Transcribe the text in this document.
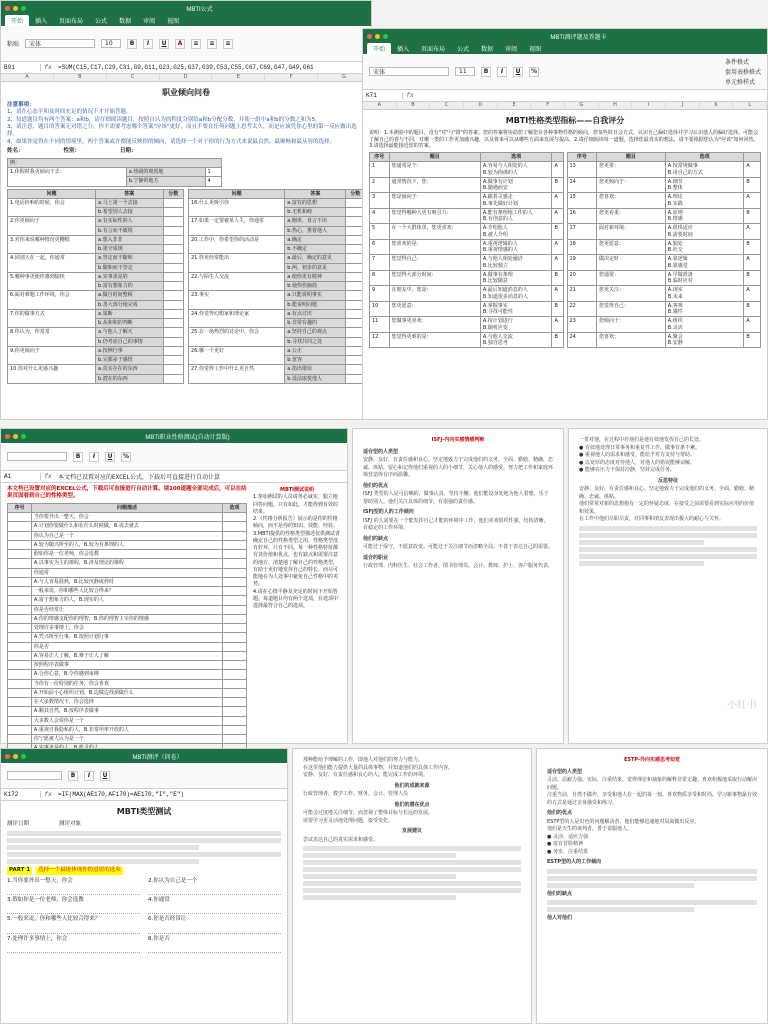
MBTI公式
开始	插入	页面布局	公式	数据	审阅	视图
粘贴	宋体	10	B	I	U	A	≡	≡	≡
B91	fx	=SUM(C15,C17,C29,C31,G9,G11,G23,G25,G37,G39,C53,C55,C67,C69,G47,G49,G61
A	B	C	D	E	F	G
职业倾向问卷
注意事项：
1、请在心态平和及时间充足的情况下才开始答题。
2、每道题目均有两个答案：a和b，请仔细阅读题目，按照自认为的程度分别给a和b分配分数，并使一组中a和b的分数之和为5。
3、请注意，题目的答案无对错之分，你不需要考虑哪个答案"应该"更好，而且不要在任何问题上思考太久，而是应该凭你心里的第一反应做出选择。
4、如果你觉得在不同的情境里，两个答案或许都能反映你的倾向，请选择一个对于你的行为方式来说最自然、最顺畅和最从容的选择。
姓名：	性别：	日期：
例：		
1.休假时我更倾向于去：	a.热闹的观赏地	1
	b.宁静的地方	4
问题	答案	分数
1.电话铃响的时候，你会	a.马上第一个去接	
	b.希望别人去接	
2.你更倾向于	a.有实际性的人	
	b.有言而不敏锐	
3.对你来说哪种情况更糟糕	a.想入非非	
	b.墨守成规	
4.同别人在一起，你通常	a.坚定而不随和	
	b.随和而不坚定	
5.哪种事更使你感到愉快	a.实事求是的	
	b.富有想象力的	
6.面对难题工作环境，你会	a.做自时间整顿	
	b.善大部分地完成	
7.你的做事方式	a.果断	
	b.从和和的判断	
8.你认为，你常常	a.与他人了解天	
	b.仍考虑自己的事情	
9.你更倾向于	a.按例行事	
	b.完都多于感悟	
10.你对什么更感兴趣	a.真实存在的东西	
	b.潜在的东西	
问题	答案	分数
16.什么更吸引你	a.富有的思想	
	b.无机和睦	
17.如果一定要被某人失，你通常	a.刚率，直言不讳	
	b.热心，推着他人	
20.工作中，你希望你的活动是	a.确定	
	b.不确定	
21.你更经常能出	a.最后，确定的意见	
	b.两，初步的意见	
22.与陌生人交流	a.使你更有精神	
	b.使你伤脑筋	
23.事实	a.只能说明事实	
	b.能说明问题	
24.你觉得幻想家和理论家	a.有点讨厌	
	b.非常有趣的	
25.在一场热烈的讨论中，你会	a.坚持自己的观点	
	b.寻找共同之处	
26.哪一个更好	a.公正	
	b.宽容	
27.你觉得工作中什么更自然	a.指出错误	
	b.设法取悦他人	
MBTI测评题及答题卡
开始	插入	页面布局	公式	数据	审阅	视图
宋体	11	B	I	U	%
条件格式
套用表格格式
单元格样式
K71	fx
A	B	C	D	E	F	G	H	I	J	K	L
MBTI性格类型指标——自我评分
说明：1.本测验中的题目，没有"对"与"错"的答案。您的答案将协助您了解您在各种事物性格的倾向，您某些时日会方式，认识自己偏好选择并学习认识他人的偏好选择。可能会了解自己的喜与不同，对哪一类的工作更加感兴趣，以及将来可以从哪些方面来发展与提高。2.请仔细阅读每一道题，选择您最真实的想法，请不要根据您认为"应该"如何回答。3.请选择最能接近您的答案。
序号	题目	选项	
1	您通常是个：	A.容易与人相处的人
B.较为拘谨的人	A
2	通常情况下，您：	A.做事有计划
B.随遇而安	B
3	您是倾向于：	A.跟着灵感走
B.事先做好计划	A
4	您觉得哪种人更有吸引力：	A.能有条理地工作的人
B.有创意的人	A
5	在一个大群体里，您更喜欢：	A.介绍他人
B.被人介绍	B
6	您喜欢的是：	A.重视逻辑的人
B.重视情感的人	A
7	您觉得自己：	A.与他人相处融洽
B.比较独立	A
8	您觉得大部分时间：	A.做事有条理
B.比较随意	B
9	在朋友中，您是：	A.最后知道消息的人
B.知道很多消息的人	A
10	您更愿意：	A.掌握事实
B.寻找可能性	B
11	您做事更喜欢：	A.按计划进行
B.随机应变	A
12	您觉得更难的是：	A.与他人交流
B.独自思考	B
序号	题目	选项	
13	您更常：	A.按常规做事
B.用自己的方式	A
14	您更倾向于：	A.细节
B.整体	B
15	您喜欢：	A.理论
B.实践	A
16	您更看重：	A.原则
B.情感	B
17	面对新环境：	A.很快适应
B.需要时间	A
18	您更愿意：	A.独处
B.社交	B
19	做决定时：	A.靠逻辑
B.靠感觉	A
20	您通常：	A.早做准备
B.临时应对	B
21	您更关注：	A.现实
B.未来	A
22	您觉得自己：	A.客观
B.感性	B
23	您倾向于：	A.组织
B.灵活	A
24	您喜欢：	A.聚会
B.安静	B
MBTI职业性格测试(自动计算版)
B	I	U	%
A1	fx	本文档已设置对应的EXCEL公式，下载后可直接进行自动计算
本文档已设置对应的EXCEL公式，下载后可直接进行自动计算。请100道题全部完成后，可以在结果页面看到自己的性格类型。
序号	问题描述	选项
	当你要外出一整天，你会	
	A.计划你要做什么和在什么时候做，B.说去就去	
	你认为自己是一个	
	A.较为随兴所至的人，B.较为有条理的人	
	假如你是一位老师，你会选教	
	A.以事实为主的课程，B.涉及理论的课程	
	你通常	
	A.与人容易混熟，B.比较沉静或矜持	
	一般来说，你和哪些人比较合得来？	
	A.富于想象力的人，B.现实的人	
	你是否经常让	
	A.你的情感支配你的理智，B.你的理智主宰你的情感	
	处理许多事情上，你会	
	A.凭兴所至行事，B.按照计划行事	
	你是否	
	A.容易让人了解，B.难于让人了解	
	按照程序表做事	
	A.合你心意，B.令你感到束缚	
	当你有一份特别的任务，你会喜欢	
	A.开始前小心组织计划，B.边做边找须做什么	
	在大多数情况下，你会选择	
	A.顺其自然，B.按程序表做事	
	大多数人会说你是一个	
	A.重视自我隐私的人，B.非常坦率开放的人	
	你宁愿被人认为是一个	

MBTI测试说明
1.参加测试的人员请务必诚实、独立地回答问题，只有如此，才能得到有效的结果。
2.《性格分析报告》展示的是你的性格倾向，而不是你的知识、技能、经验。
3.MBTI提供的性格类型描述仅供测试者确定自己的性格类型之用，性格类型没有好坏，只有不同。每一种性格特征都有其价值和优点，也有缺点和需要注意的地方。清楚地了解自己的性格类型，有助于更好地发挥自己的特长，而尽可能地在为人处事中避免自己性格中的劣势。
4.请在心情平静及充足的时间下开始答题。每道题目均有两个选项，在选项中选择最符合自己的选项。
ISFJ-内向实感情感判断
适合型的人类型
安静、友好、有责任感和良心。坚定地致力于完成他们的义务。全面、勤勉、精确，忠诚、体贴，留心和记得他们重视的人的小细节，关心他人的感受。努力把工作和家庭环境营造得有序而温馨。
他们的优点
ISFJ 类型的人是可信赖的、做事认真、坚持不懈。他们能设身处地为他人着想，乐于帮助别人。他们关注具体的细节，有很强的责任感。
ISFJ型的人的工作倾向
ISFJ 的人需要在一个能发挥自己才能的环境中工作，他们喜欢组织性强、结构清晰、有稳定的工作环境。
他们的缺点
可能过于保守，不愿意改变。可能过于关注细节而忽略全局。不善于表达自己的需要。
适合的职业
行政管理、内科医生、社会工作者、图书管理员、会计、教师、护士、客户服务代表。
一贯对他，在过程中若他们是他有效地发挥自己的长处。
● 有效地处理日常事务和重复性工作，做事有条不紊。
● 重视他人的需求和感受，能给予对方支持与帮助。
● 以宽厚的态度对待他人，对他人的错误能够谅解。
● 能够在压力下保持冷静，坚持完成任务。
反思特征
安静、友好、有责任感和良心。坚定地致力于完成他们的义务。全面、勤勉、精确、忠诚、体贴。
他们常常对新的思想抱有一定的怀疑态度，在接受之前需要看到实际应用的价值和效果。
在工作中他们尽职尽责，对同事和朋友表现出极大的耐心与关怀。
小红书
MBTI测评（问卷）
B	I	U
K172	fx	=IF(MAX(AE170,AF170)=AE170,"I","E")
MBTI类型测试
测评日期	测评对象
PART 1	选择一个最能体现你的意愿的选项
1.当你要外出一整天，你会	2.你认为自己是一个
3.假如你是一位老师，你会选教	4.你通常
5.一般来说，你和哪些人比较合得来？	6.你是否经常让
7.处理许多事情上，你会	8.你是否
那种能给予理解的工作，即他人对他们的努力与能力。
在这里他们能力提供大量的具体事物，并知道他们的具体工作内容。
安静、友好、有责任感和良心的人，能完成工作的环境。
他们的成就来源
行政管理者、教学工作、财务、会计、管理人员
他们的潜在优点
可能会过度地关注细节，而忽视了整体目标与长远的发展。
需要学习更灵活地处理问题，接受变化。
发展建议
尝试表达自己的真实需求和感受。
ESTP-外向实感思考知觉
适合型的人类型
灵活、忍耐力强，实际，注重结果。觉得理论和抽象的解释非常无趣。喜欢积极地采取行动解决问题。
注重当前，自然不做作，享受和他人在一起的每一刻。喜欢物质享受和时尚。学习新事物最有效的方式是通过亲身感受和练习。
他们的优点
ESTP型的人是出色的问题解决者，他们能够迅速地对局面做出反应。
他们是天生的谈判者，善于说服他人。
● 灵活、适应力强
● 富有冒险精神
● 务实、注重结果
ESTP型的人的工作倾向
他们的缺点
他人对他们
